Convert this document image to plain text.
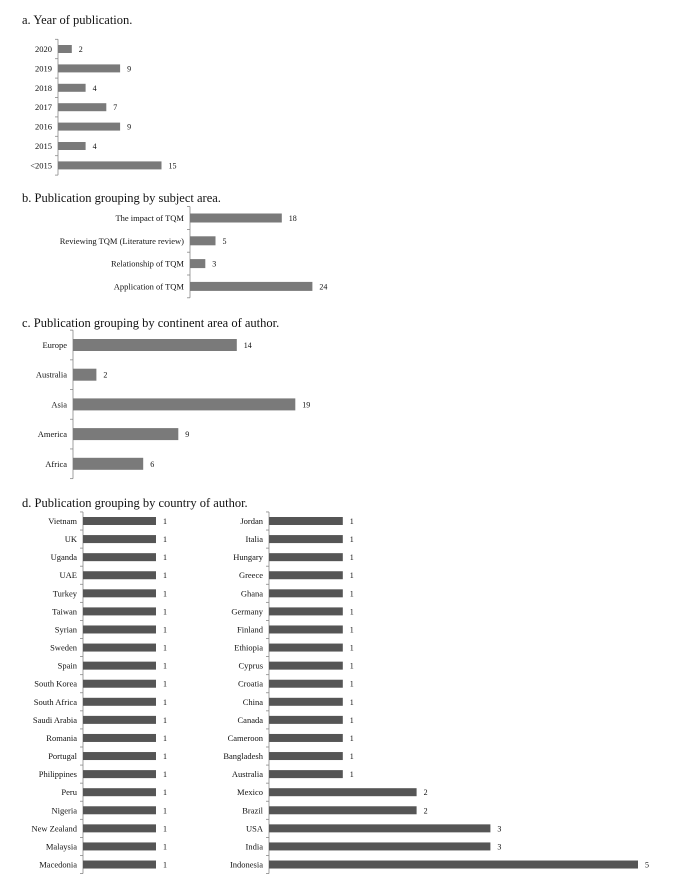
a. Year of publication.
2020	2
2019	9
2018	4
2017	7
2016	9
2015	4
<2015	15
b. Publication grouping by subject area.
The impact of TQM	18
Reviewing TQM (Literature review)	5
Relationship of TQM	3
Application of TQM	24
c. Publication grouping by continent area of author.
Europe	14
Australia	2
Asia	19
America	9
Africa	6
d. Publication grouping by country of author.
Vietnam	1
UK	1
Uganda	1
UAE	1
Turkey	1
Taiwan	1
Syrian	1
Sweden	1
Spain	1
South Korea	1
South Africa	1
Saudi Arabia	1
Romania	1
Portugal	1
Philippines	1
Peru	1
Nigeria	1
New Zealand	1
Malaysia	1
Macedonia	1
Jordan	1
Italia	1
Hungary	1
Greece	1
Ghana	1
Germany	1
Finland	1
Ethiopia	1
Cyprus	1
Croatia	1
China	1
Canada	1
Cameroon	1
Bangladesh	1
Australia	1
Mexico	2
Brazil	2
USA	3
India	3
Indonesia	5
